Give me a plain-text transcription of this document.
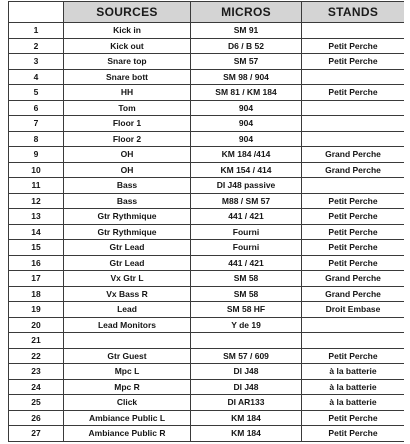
	SOURCES	MICROS	STANDS
1	Kick in	SM 91	
2	Kick out	D6 / B 52	Petit Perche
3	Snare top	SM 57	Petit Perche
4	Snare bott	SM 98 / 904	
5	HH	SM 81 / KM 184	Petit Perche
6	Tom	904	
7	Floor 1	904	
8	Floor 2	904	
9	OH	KM 184 /414	Grand Perche
10	OH	KM 154 / 414	Grand Perche
11	Bass	DI J48 passive	
12	Bass	M88 / SM 57	Petit Perche
13	Gtr Rythmique	441 / 421	Petit Perche
14	Gtr Rythmique	Fourni	Petit Perche
15	Gtr Lead	Fourni	Petit Perche
16	Gtr Lead	441 / 421	Petit Perche
17	Vx Gtr L	SM 58	Grand Perche
18	Vx Bass R	SM 58	Grand Perche
19	Lead	SM 58 HF	Droit Embase
20	Lead Monitors	Y de 19	
21			
22	Gtr Guest	SM 57 / 609	Petit Perche
23	Mpc L	DI J48	à la batterie
24	Mpc R	DI J48	à la batterie
25	Click	DI AR133	à la batterie
26	Ambiance Public L	KM 184	Petit Perche
27	Ambiance Public R	KM 184	Petit Perche
